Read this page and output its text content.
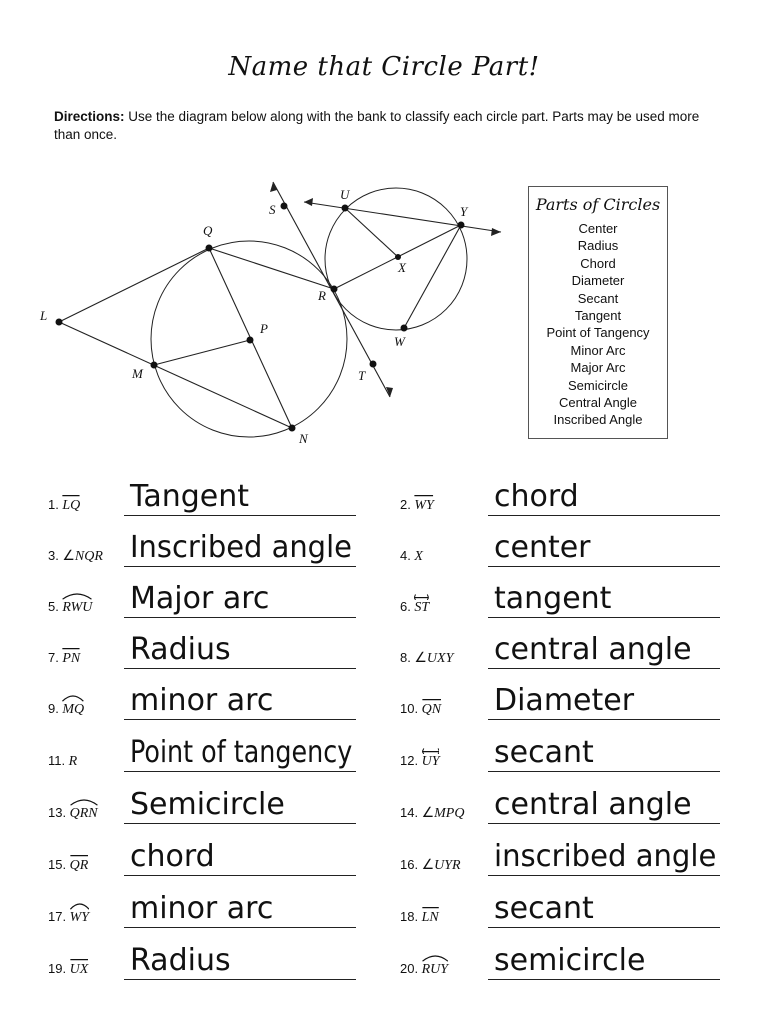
Name that Circle Part!
Directions: Use the diagram below along with the bank to classify each circle part. Parts may be used more than once.
S
U
Y
Q
X
R
L
P
W
M	T
N
Parts of Circles
Center
Radius
Chord
Diameter
Secant
Tangent
Point of Tangency
Minor Arc
Major Arc
Semicircle
Central Angle
Inscribed Angle
1. LQ Tangent	2. WY chord
3. ∠NQR Inscribed angle	4. X center
5. RWU Major arc	6. ST tangent
7. PN Radius	8. ∠UXY central angle
9. MQ minor arc	10. QN Diameter
11. R Point of tangency	12. UY secant
13. QRN Semicircle	14. ∠MPQ central angle
15. QR chord	16. ∠UYR inscribed angle
17. WY minor arc	18. LN secant
19. UX Radius	20. RUY semicircle
